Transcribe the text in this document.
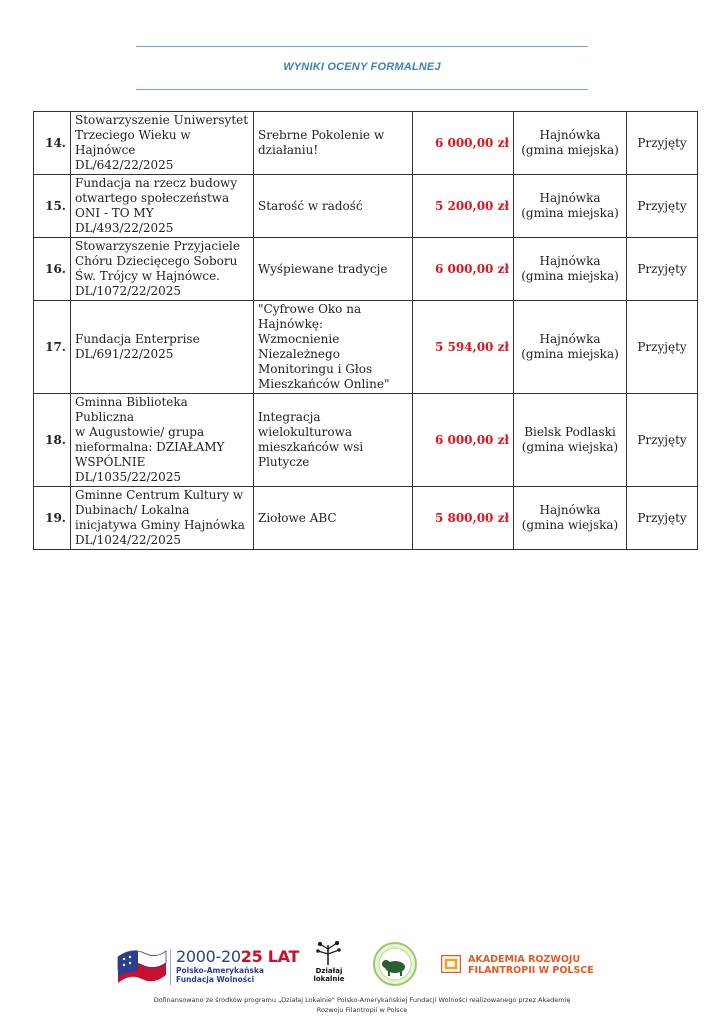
WYNIKI OCENY FORMALNEJ
14.	Stowarzyszenie Uniwersytet
Trzeciego Wieku w
Hajnówce
DL/642/22/2025	Srebrne Pokolenie w
działaniu!	6 000,00 zł	Hajnówka
(gmina miejska)	Przyjęty
15.	Fundacja na rzecz budowy
otwartego społeczeństwa
ONI - TO MY
DL/493/22/2025	Starość w radość	5 200,00 zł	Hajnówka
(gmina miejska)	Przyjęty
16.	Stowarzyszenie Przyjaciele
Chóru Dziecięcego Soboru
Św. Trójcy w Hajnówce.
DL/1072/22/2025	Wyśpiewane tradycje	6 000,00 zł	Hajnówka
(gmina miejska)	Przyjęty
17.	Fundacja Enterprise
DL/691/22/2025	"Cyfrowe Oko na
Hajnówkę: Wzmocnienie
Niezależnego
Monitoringu i Głos
Mieszkańców Online"	5 594,00 zł	Hajnówka
(gmina miejska)	Przyjęty
18.	Gminna Biblioteka Publiczna
w Augustowie/ grupa
nieformalna: DZIAŁAMY
WSPÓLNIE
DL/1035/22/2025	Integracja
wielokulturowa
mieszkańców wsi
Plutycze	6 000,00 zł	Bielsk Podlaski
(gmina wiejska)	Przyjęty
19.	Gminne Centrum Kultury w
Dubinach/ Lokalna
inicjatywa Gminy Hajnówka
DL/1024/22/2025	Ziołowe ABC	5 800,00 zł	Hajnówka
(gmina wiejska)	Przyjęty
2000-2025 LAT
Polsko-Amerykańska
Fundacja Wolności
Działaj
lokalnie
AKADEMIA ROZWOJU
FILANTROPII W POLSCE
Dofinansowano ze środków programu „Działaj Lokalnie" Polsko-Amerykańskiej Fundacji Wolności realizowanego przez Akademię
Rozwoju Filantropii w Polsce
